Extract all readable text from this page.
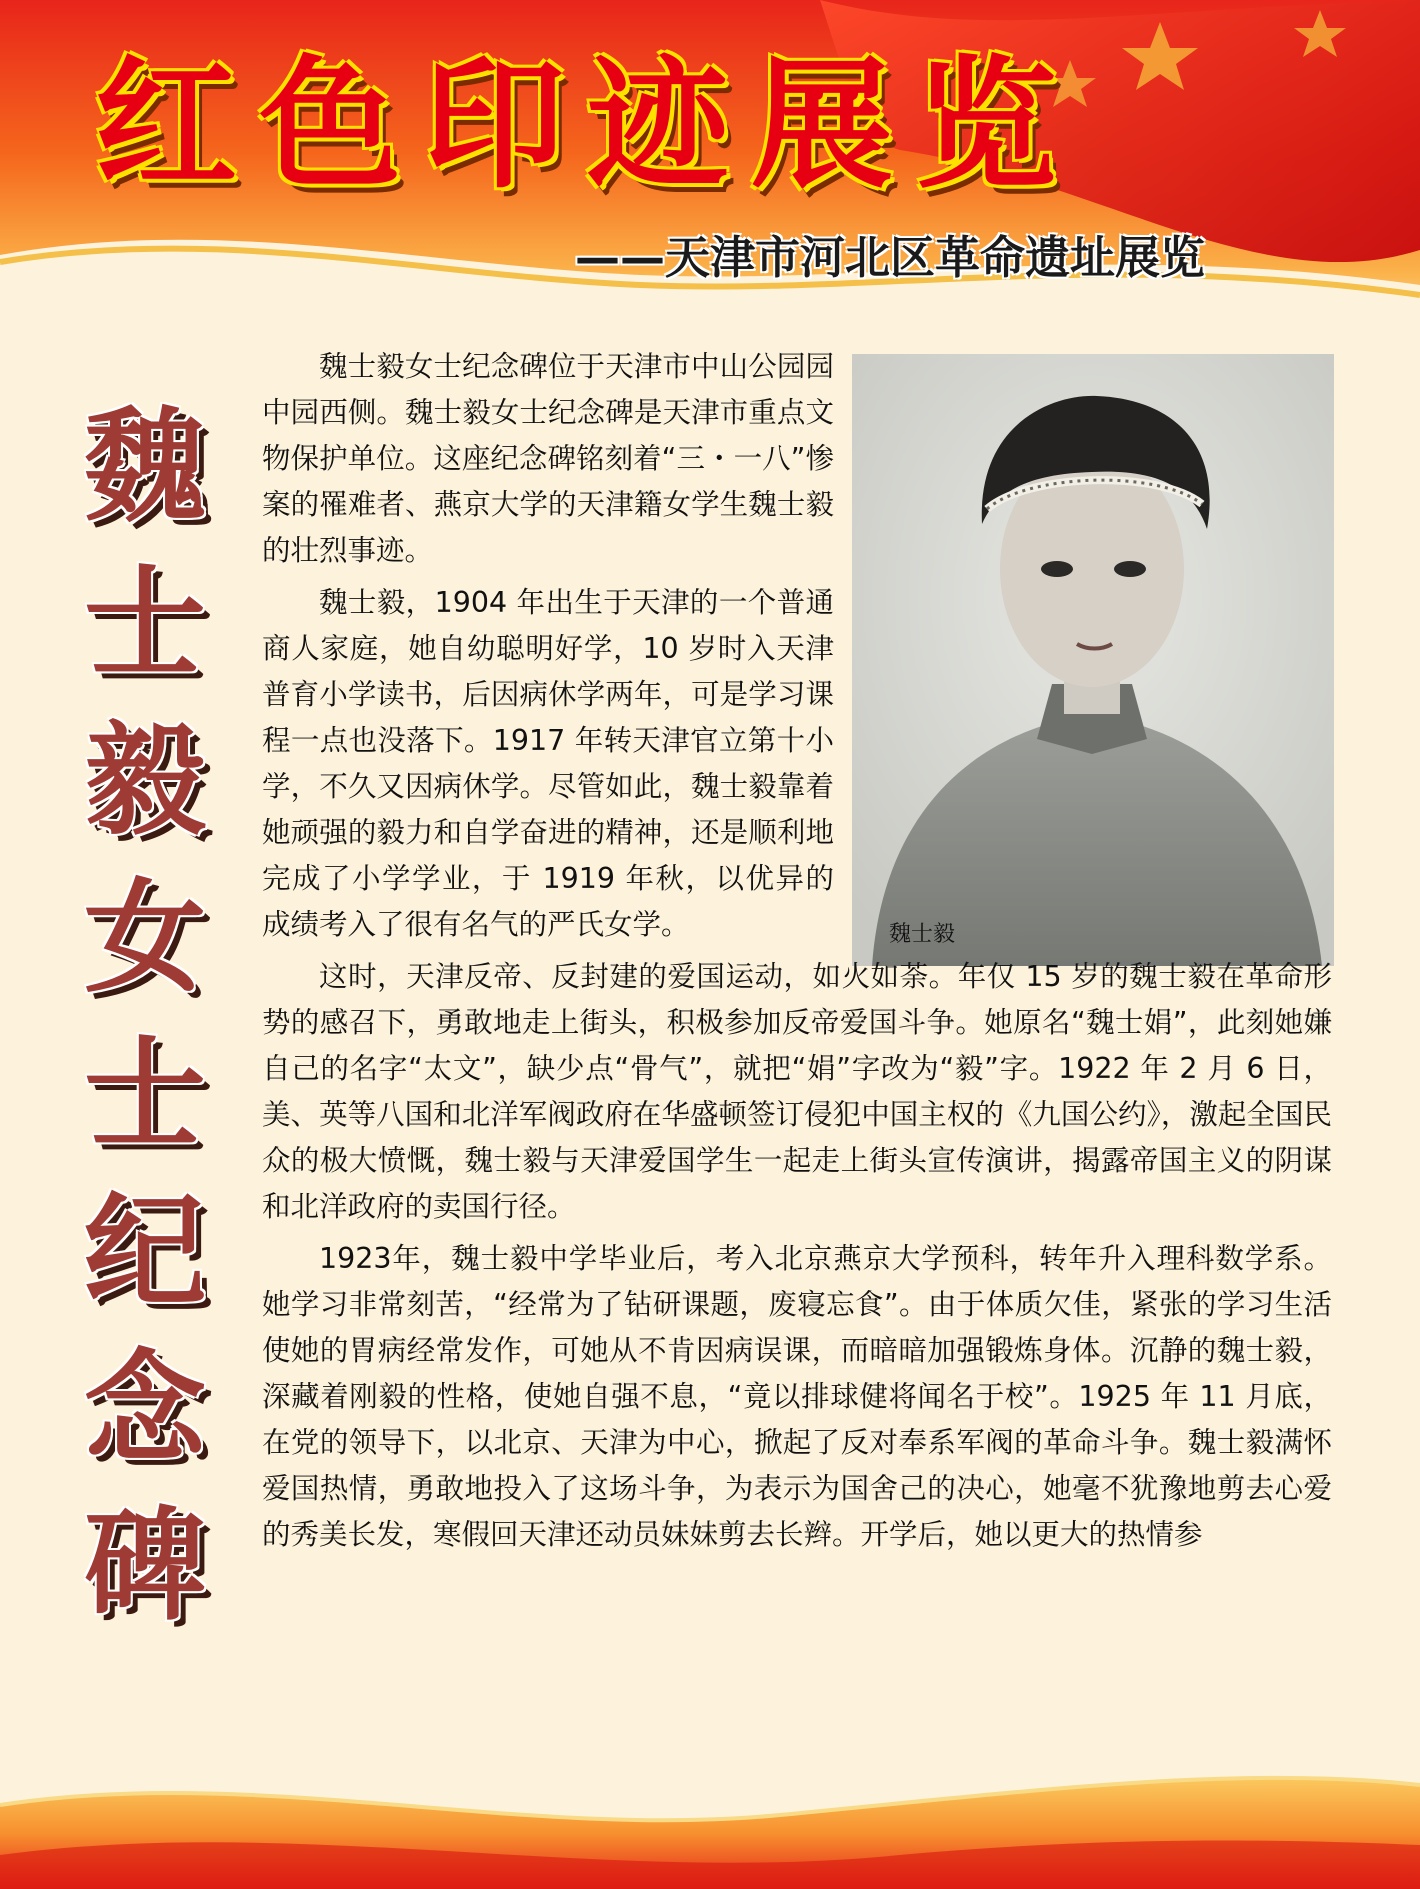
红色印迹展览
——天津市河北区革命遗址展览
魏
士
毅
女
士
纪
念
碑
魏士毅

魏士毅女士纪念碑位于天津市中山公园园中园西侧。魏士毅女士纪念碑是天津市重点文物保护单位。这座纪念碑铭刻着“三・一八”惨案的罹难者、燕京大学的天津籍女学生魏士毅的壮烈事迹。

魏士毅，1904 年出生于天津的一个普通商人家庭，她自幼聪明好学，10 岁时入天津普育小学读书，后因病休学两年，可是学习课程一点也没落下。1917 年转天津官立第十小学，不久又因病休学。尽管如此，魏士毅靠着她顽强的毅力和自学奋进的精神，还是顺利地完成了小学学业，于 1919 年秋，以优异的成绩考入了很有名气的严氏女学。

这时，天津反帝、反封建的爱国运动，如火如荼。年仅 15 岁的魏士毅在革命形势的感召下，勇敢地走上街头，积极参加反帝爱国斗争。她原名“魏士娟”，此刻她嫌自己的名字“太文”，缺少点“骨气”，就把“娟”字改为“毅”字。1922 年 2 月 6 日， 美、英等八国和北洋军阀政府在华盛顿签订侵犯中国主权的《九国公约》，激起全国民众的极大愤慨，魏士毅与天津爱国学生一起走上街头宣传演讲，揭露帝国主义的阴谋和北洋政府的卖国行径。

1923年，魏士毅中学毕业后，考入北京燕京大学预科，转年升入理科数学系。她学习非常刻苦，“经常为了钻研课题，废寝忘食”。由于体质欠佳，紧张的学习生活使她的胃病经常发作，可她从不肯因病误课，而暗暗加强锻炼身体。沉静的魏士毅，深藏着刚毅的性格，使她自强不息，“竟以排球健将闻名于校”。1925 年 11 月底，在党的领导下，以北京、天津为中心，掀起了反对奉系军阀的革命斗争。魏士毅满怀爱国热情，勇敢地投入了这场斗争，为表示为国舍己的决心，她毫不犹豫地剪去心爱的秀美长发，寒假回天津还动员妹妹剪去长辫。开学后，她以更大的热情参
